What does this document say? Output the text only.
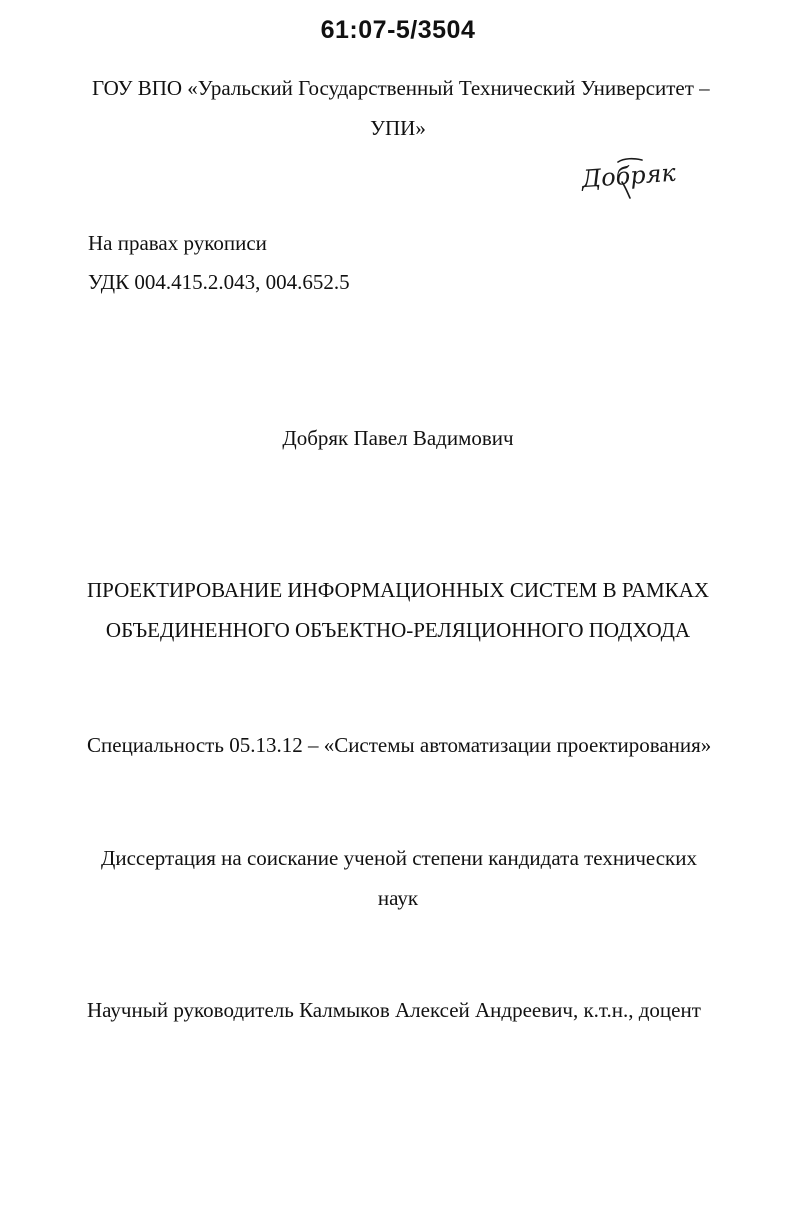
61:07-5/3504
ГОУ ВПО «Уральский Государственный Технический Университет –
УПИ»
Добряк
На правах рукописи
УДК 004.415.2.043, 004.652.5
Добряк Павел Вадимович
ПРОЕКТИРОВАНИЕ ИНФОРМАЦИОННЫХ СИСТЕМ В РАМКАХ
ОБЪЕДИНЕННОГО ОБЪЕКТНО-РЕЛЯЦИОННОГО ПОДХОДА
Специальность 05.13.12 – «Системы автоматизации проектирования»
Диссертация на соискание ученой степени кандидата технических
наук
Научный руководитель Калмыков Алексей Андреевич, к.т.н., доцент
